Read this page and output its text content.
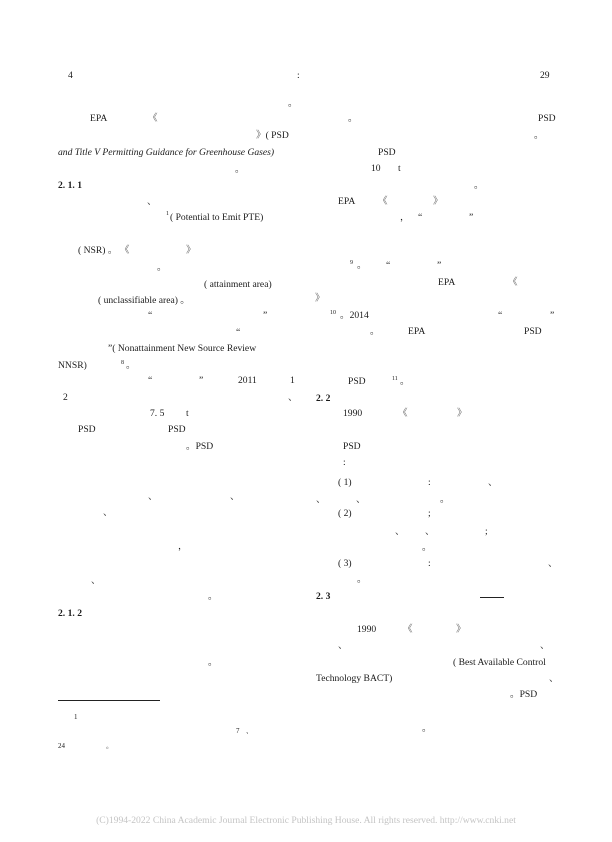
4	:	29
。
EPA	《
》( PSD
and Title V Permitting Guidance for Greenhouse Gases)
。
2. 1. 1
、
1 ( Potential to Emit PTE)
( NSR) 。 《	》
。
( attainment area)
( unclassifiable area) 。
“	”
“
”( Nonattainment New Source Review
NNSR)	8 。
“	”	2011	1
2	、
7. 5 t
PSD	PSD
。PSD
、	、
、
，
、
。
2. 1. 2
。
1
7 、
24	。
。	PSD
。
PSD
10 t
。
EPA 《	》
， “	”
9 。 “	”
EPA	《
》
10 。2014	“	”
。	EPA	PSD
PSD	11 。
2. 2
1990	《	》
PSD
:
( 1)	:	、
、	、	。
( 2)	;
、 、	;
。
( 3)	:	、
。
2. 3
1990	《	》
、	、
( Best Available Control
Technology BACT)	、
。PSD
。
(C)1994-2022 China Academic Journal Electronic Publishing House. All rights reserved. http://www.cnki.net
